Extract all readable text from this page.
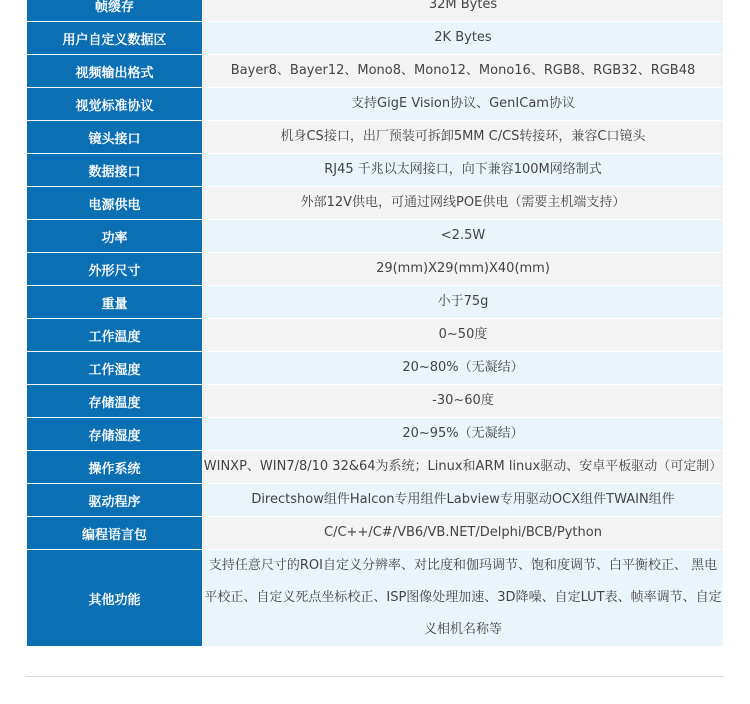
帧缓存	32M Bytes
用户自定义数据区	2K Bytes
视频输出格式	Bayer8、Bayer12、Mono8、Mono12、Mono16、RGB8、RGB32、RGB48
视觉标准协议	支持GigE Vision协议、GenICam协议
镜头接口	机身CS接口，出厂预装可拆卸5MM C/CS转接环，兼容C口镜头
数据接口	RJ45 千兆以太网接口，向下兼容100M网络制式
电源供电	外部12V供电，可通过网线POE供电（需要主机端支持）
功率	<2.5W
外形尺寸	29(mm)X29(mm)X40(mm)
重量	小于75g
工作温度	0~50度
工作湿度	20~80%（无凝结）
存储温度	-30~60度
存储湿度	20~95%（无凝结）
操作系统	WINXP、WIN7/8/10 32&64为系统；Linux和ARM linux驱动、安卓平板驱动（可定制）
驱动程序	Directshow组件Halcon专用组件Labview专用驱动OCX组件TWAIN组件
编程语言包	C/C++/C#/VB6/VB.NET/Delphi/BCB/Python
其他功能	支持任意尺寸的ROI自定义分辨率、对比度和伽玛调节、饱和度调节、白平衡校正、 黑电平校正、自定义死点坐标校正、ISP图像处理加速、3D降噪、自定LUT表、帧率调节、自定义相机名称等
